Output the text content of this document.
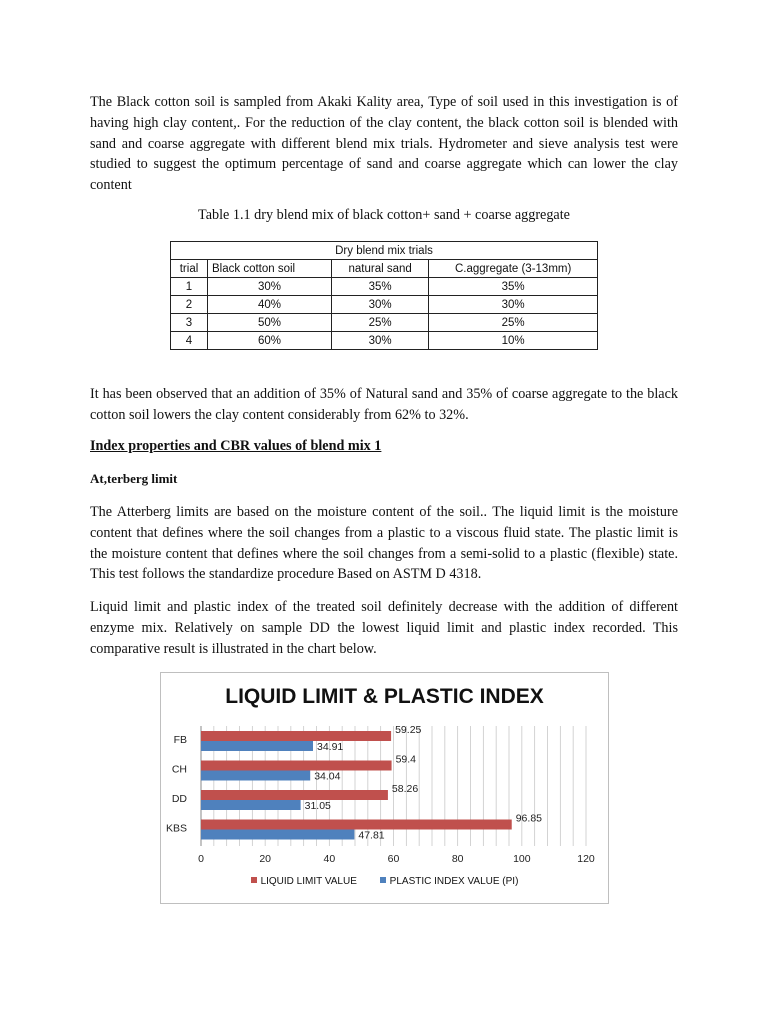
The Black cotton soil is sampled from Akaki Kality area, Type of soil used in this investigation is of having high clay content,. For the reduction of the clay content, the black cotton soil is blended with sand and coarse aggregate with different blend mix trials. Hydrometer and sieve analysis test were studied to suggest the optimum percentage of sand and coarse aggregate which can lower the clay content

Table 1.1 dry blend mix of black cotton+ sand + coarse aggregate

Dry blend mix trials			
trial	Black cotton soil	natural sand	C.aggregate (3-13mm)
1	30%	35%	35%
2	40%	30%	30%
3	50%	25%	25%
4	60%	30%	10%

It has been observed that an addition of 35% of Natural sand and 35% of coarse aggregate to the black cotton soil lowers the clay content considerably from 62% to 32%.

Index properties and CBR values of blend mix 1

At,terberg limit

The Atterberg limits are based on the moisture content of the soil.. The liquid limit is the moisture content that defines where the soil changes from a plastic to a viscous fluid state. The plastic limit is the moisture content that defines where the soil changes from a semi-solid to a plastic (flexible) state. This test follows the standardize procedure Based on ASTM D 4318.

Liquid limit and plastic index of the treated soil definitely decrease with the addition of different enzyme mix. Relatively on sample DD the lowest liquid limit and plastic index recorded. This comparative result is illustrated in the chart below.

LIQUID LIMIT & PLASTIC INDEX
0	20	40	60	80	100	120
FB
59.25
34.91
CH
59.4
34.04
DD
58.26
31.05
KBS
96.85
47.81
LIQUID LIMIT VALUE	PLASTIC INDEX VALUE (PI)
